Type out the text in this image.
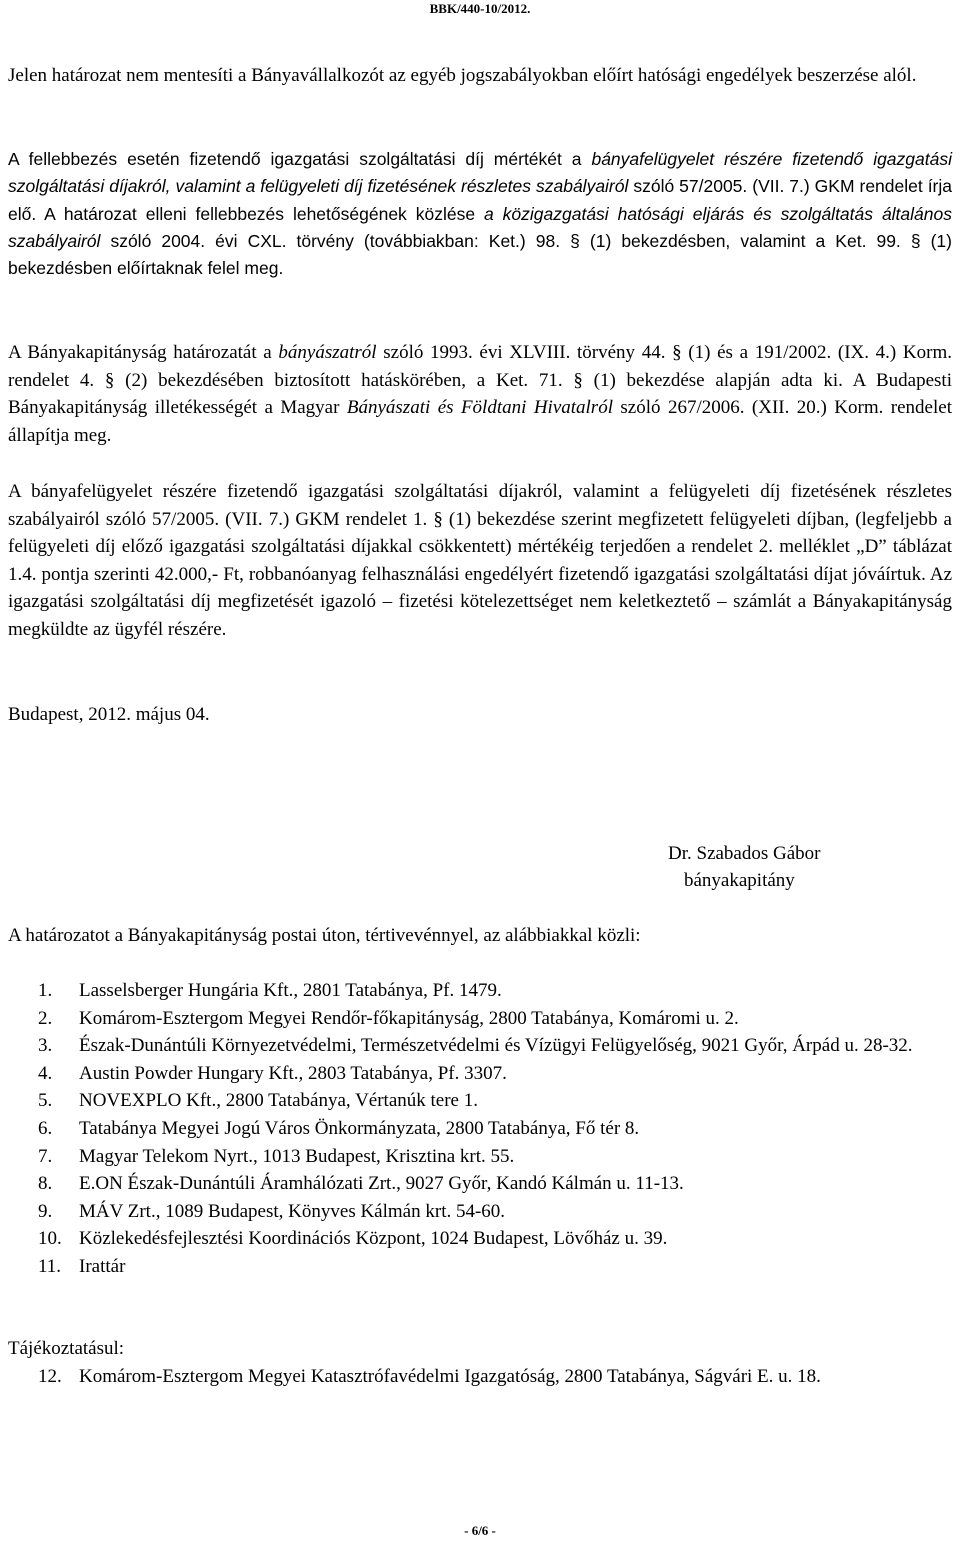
BBK/440-10/2012.
Jelen határozat nem mentesíti a Bányavállalkozót az egyéb jogszabályokban előírt hatósági engedélyek beszerzése alól.
A fellebbezés esetén fizetendő igazgatási szolgáltatási díj mértékét a bányafelügyelet részére fizetendő igazgatási szolgáltatási díjakról, valamint a felügyeleti díj fizetésének részletes szabályairól szóló 57/2005. (VII. 7.) GKM rendelet írja elő. A határozat elleni fellebbezés lehetőségének közlése a közigazgatási hatósági eljárás és szolgáltatás általános szabályairól szóló 2004. évi CXL. törvény (továbbiakban: Ket.) 98. § (1) bekezdésben, valamint a Ket. 99. § (1) bekezdésben előírtaknak felel meg.
A Bányakapitányság határozatát a bányászatról szóló 1993. évi XLVIII. törvény 44. § (1) és a 191/2002. (IX. 4.) Korm. rendelet 4. § (2) bekezdésében biztosított hatáskörében, a Ket. 71. § (1) bekezdése alapján adta ki. A Budapesti Bányakapitányság illetékességét a Magyar Bányászati és Földtani Hivatalról szóló 267/2006. (XII. 20.) Korm. rendelet állapítja meg.
A bányafelügyelet részére fizetendő igazgatási szolgáltatási díjakról, valamint a felügyeleti díj fizetésének részletes szabályairól szóló 57/2005. (VII. 7.) GKM rendelet 1. § (1) bekezdése szerint megfizetett felügyeleti díjban, (legfeljebb a felügyeleti díj előző igazgatási szolgáltatási díjakkal csökkentett) mértékéig terjedően a rendelet 2. melléklet „D” táblázat 1.4. pontja szerinti 42.000,- Ft, robbanóanyag felhasználási engedélyért fizetendő igazgatási szolgáltatási díjat jóváírtuk. Az igazgatási szolgáltatási díj megfizetését igazoló – fizetési kötelezettséget nem keletkeztető – számlát a Bányakapitányság megküldte az ügyfél részére.
Budapest, 2012. május 04.
Dr. Szabados Gábor
bányakapitány
A határozatot a Bányakapitányság postai úton, tértivevénnyel, az alábbiakkal közli:
1. Lasselsberger Hungária Kft., 2801 Tatabánya, Pf. 1479.
2. Komárom-Esztergom Megyei Rendőr-főkapitányság, 2800 Tatabánya, Komáromi u. 2.
3. Észak-Dunántúli Környezetvédelmi, Természetvédelmi és Vízügyi Felügyelőség, 9021 Győr, Árpád u. 28-32.
4. Austin Powder Hungary Kft., 2803 Tatabánya, Pf. 3307.
5. NOVEXPLO Kft., 2800 Tatabánya, Vértanúk tere 1.
6. Tatabánya Megyei Jogú Város Önkormányzata, 2800 Tatabánya, Fő tér 8.
7. Magyar Telekom Nyrt., 1013 Budapest, Krisztina krt. 55.
8. E.ON Észak-Dunántúli Áramhálózati Zrt., 9027 Győr, Kandó Kálmán u. 11-13.
9. MÁV Zrt., 1089 Budapest, Könyves Kálmán krt. 54-60.
10. Közlekedésfejlesztési Koordinációs Központ, 1024 Budapest, Lövőház u. 39.
11. Irattár
Tájékoztatásul:
12. Komárom-Esztergom Megyei Katasztrófavédelmi Igazgatóság, 2800 Tatabánya, Ságvári E. u. 18.
- 6/6 -
